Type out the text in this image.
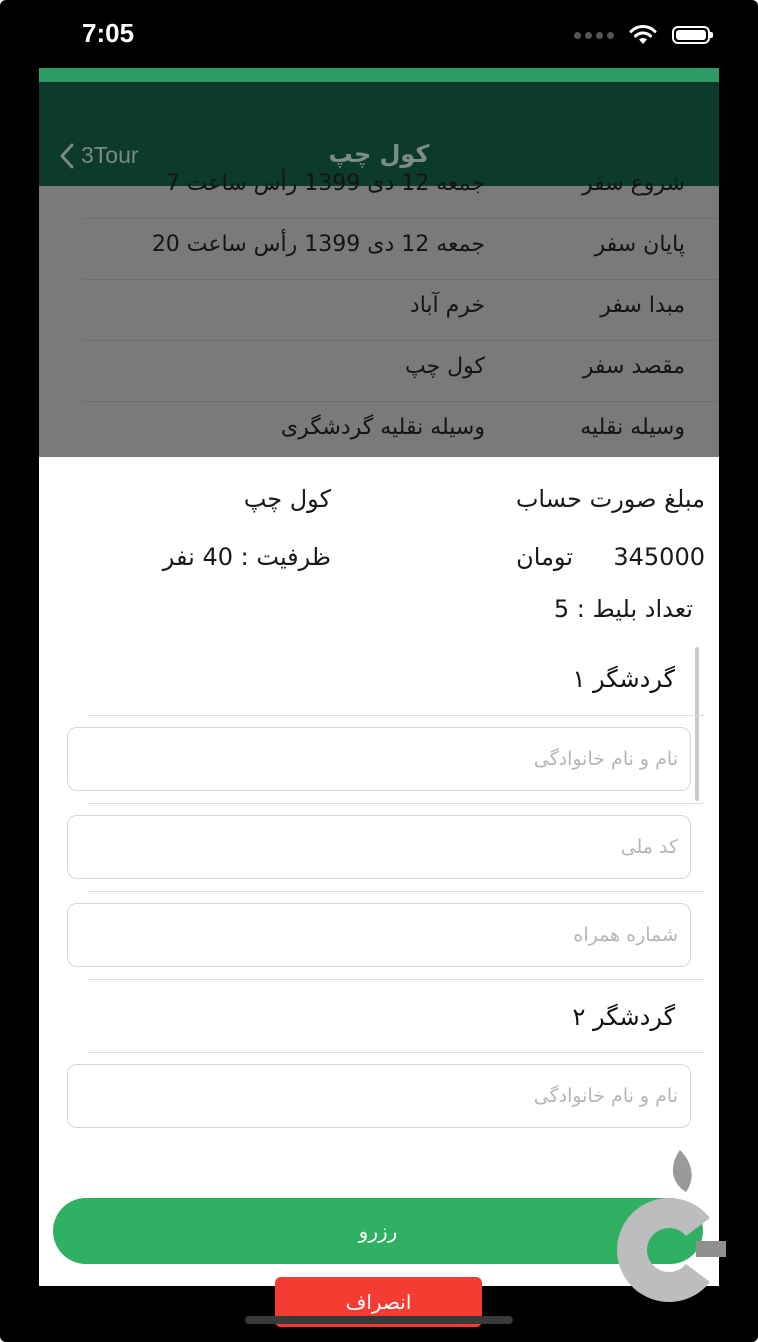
7:05
3Tour	کول چپ
شروع سفر
جمعه 12 دی 1399 رأس ساعت 7
پایان سفر
جمعه 12 دی 1399 رأس ساعت 20
مبدا سفر
خرم آباد
مقصد سفر
کول چپ
وسیله نقلیه
وسیله نقلیه گردشگری
مبلغ صورت حساب
کول چپ
345000
تومان
ظرفیت : 40 نفر
تعداد بلیط : 5
گردشگر ۱
نام و نام خانوادگی
کد ملی
شماره همراه
گردشگر ۲
نام و نام خانوادگی
رزرو
انصراف
